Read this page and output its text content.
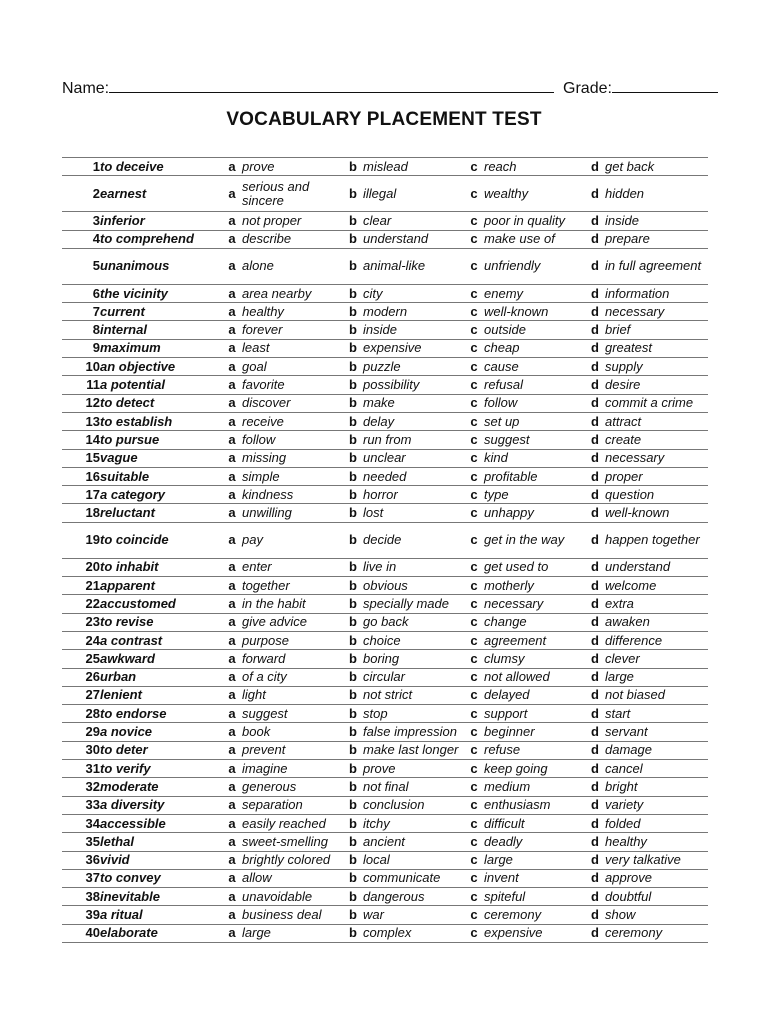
Name:	Grade:
VOCABULARY PLACEMENT TEST
1	to deceive	a	prove	b	mislead	c	reach	d	get back
2	earnest	a	serious and sincere	b	illegal	c	wealthy	d	hidden
3	inferior	a	not proper	b	clear	c	poor in quality	d	inside
4	to comprehend	a	describe	b	understand	c	make use of	d	prepare
5	unanimous	a	alone	b	animal-like	c	unfriendly	d	in full agreement
6	the vicinity	a	area nearby	b	city	c	enemy	d	information
7	current	a	healthy	b	modern	c	well-known	d	necessary
8	internal	a	forever	b	inside	c	outside	d	brief
9	maximum	a	least	b	expensive	c	cheap	d	greatest
10	an objective	a	goal	b	puzzle	c	cause	d	supply
11	a potential	a	favorite	b	possibility	c	refusal	d	desire
12	to detect	a	discover	b	make	c	follow	d	commit a crime
13	to establish	a	receive	b	delay	c	set up	d	attract
14	to pursue	a	follow	b	run from	c	suggest	d	create
15	vague	a	missing	b	unclear	c	kind	d	necessary
16	suitable	a	simple	b	needed	c	profitable	d	proper
17	a category	a	kindness	b	horror	c	type	d	question
18	reluctant	a	unwilling	b	lost	c	unhappy	d	well-known
19	to coincide	a	pay	b	decide	c	get in the way	d	happen together
20	to inhabit	a	enter	b	live in	c	get used to	d	understand
21	apparent	a	together	b	obvious	c	motherly	d	welcome
22	accustomed	a	in the habit	b	specially made	c	necessary	d	extra
23	to revise	a	give advice	b	go back	c	change	d	awaken
24	a contrast	a	purpose	b	choice	c	agreement	d	difference
25	awkward	a	forward	b	boring	c	clumsy	d	clever
26	urban	a	of a city	b	circular	c	not allowed	d	large
27	lenient	a	light	b	not strict	c	delayed	d	not biased
28	to endorse	a	suggest	b	stop	c	support	d	start
29	a novice	a	book	b	false impression	c	beginner	d	servant
30	to deter	a	prevent	b	make last longer	c	refuse	d	damage
31	to verify	a	imagine	b	prove	c	keep going	d	cancel
32	moderate	a	generous	b	not final	c	medium	d	bright
33	a diversity	a	separation	b	conclusion	c	enthusiasm	d	variety
34	accessible	a	easily reached	b	itchy	c	difficult	d	folded
35	lethal	a	sweet-smelling	b	ancient	c	deadly	d	healthy
36	vivid	a	brightly colored	b	local	c	large	d	very talkative
37	to convey	a	allow	b	communicate	c	invent	d	approve
38	inevitable	a	unavoidable	b	dangerous	c	spiteful	d	doubtful
39	a ritual	a	business deal	b	war	c	ceremony	d	show
40	elaborate	a	large	b	complex	c	expensive	d	ceremony
